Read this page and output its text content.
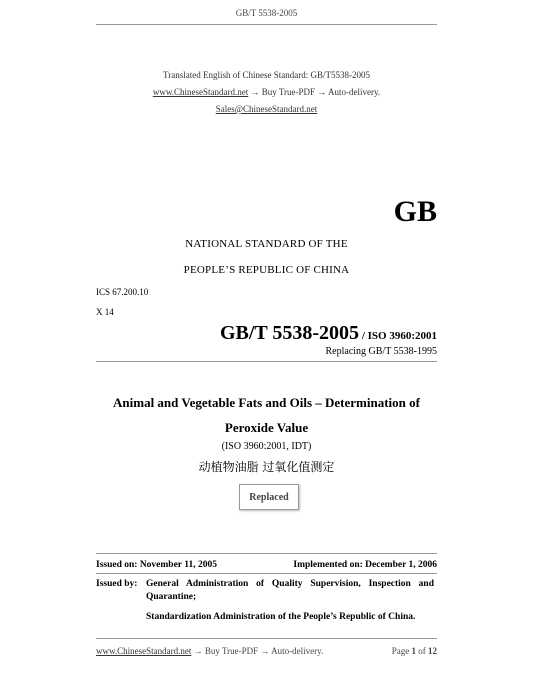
GB/T 5538-2005
Translated English of Chinese Standard: GB/T5538-2005
www.ChineseStandard.net → Buy True-PDF → Auto-delivery.
Sales@ChineseStandard.net
GB
NATIONAL STANDARD OF THE
PEOPLE’S REPUBLIC OF CHINA
ICS 67.200.10
X 14
GB/T 5538-2005 / ISO 3960:2001
Replacing GB/T 5538-1995
Animal and Vegetable Fats and Oils – Determination of
Peroxide Value
(ISO 3960:2001, IDT)
动植物油脂 过氧化值测定
Replaced
Issued on: November 11, 2005	Implemented on: December 1, 2006
Issued by: General Administration of Quality Supervision, Inspection and Quarantine;
Standardization Administration of the People’s Republic of China.
www.ChineseStandard.net → Buy True-PDF → Auto-delivery.	Page 1 of 12
